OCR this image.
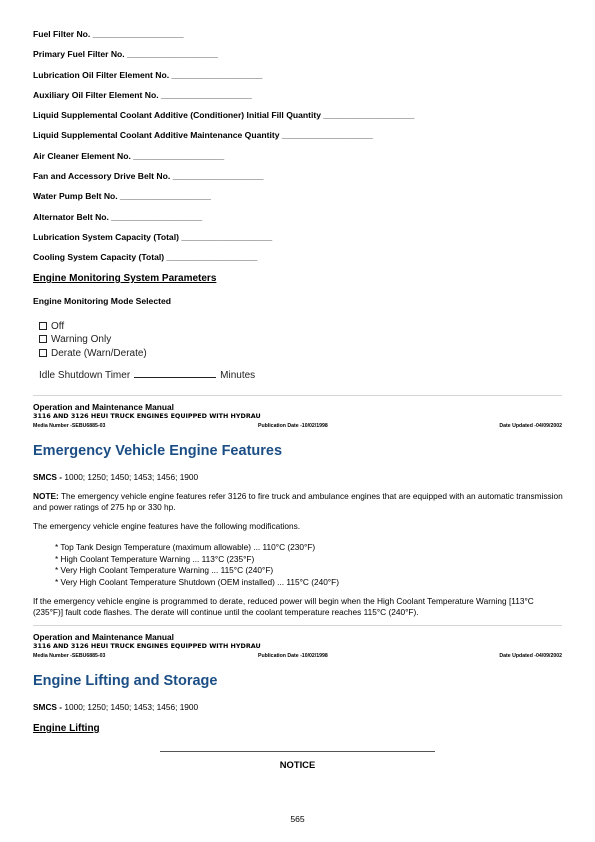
Fuel Filter No. ___________________
Primary Fuel Filter No. ___________________
Lubrication Oil Filter Element No. ___________________
Auxiliary Oil Filter Element No. ___________________
Liquid Supplemental Coolant Additive (Conditioner) Initial Fill Quantity ___________________
Liquid Supplemental Coolant Additive Maintenance Quantity ___________________
Air Cleaner Element No. ___________________
Fan and Accessory Drive Belt No. ___________________
Water Pump Belt No. ___________________
Alternator Belt No. ___________________
Lubrication System Capacity (Total) ___________________
Cooling System Capacity (Total) ___________________
Engine Monitoring System Parameters
Engine Monitoring Mode Selected
Off
Warning Only
Derate (Warn/Derate)
Idle Shutdown Timer	Minutes
Operation and Maintenance Manual
3116 AND 3126 HEUI TRUCK ENGINES EQUIPPED WITH HYDRAU
Media Number -SEBU6885-03	Publication Date -10/02/1998	Date Updated -04/09/2002
Emergency Vehicle Engine Features
SMCS - 1000; 1250; 1450; 1453; 1456; 1900
NOTE: The emergency vehicle engine features refer 3126 to fire truck and ambulance engines that are equipped with an automatic transmission and power ratings of 275 hp or 330 hp.
The emergency vehicle engine features have the following modifications.
* Top Tank Design Temperature (maximum allowable) ... 110°C (230°F)
* High Coolant Temperature Warning ... 113°C (235°F)
* Very High Coolant Temperature Warning ... 115°C (240°F)
* Very High Coolant Temperature Shutdown (OEM installed) ... 115°C (240°F)
If the emergency vehicle engine is programmed to derate, reduced power will begin when the High Coolant Temperature Warning [113°C (235°F)] fault code flashes. The derate will continue until the coolant temperature reaches 115°C (240°F).
Operation and Maintenance Manual
3116 AND 3126 HEUI TRUCK ENGINES EQUIPPED WITH HYDRAU
Media Number -SEBU6885-03	Publication Date -10/02/1998	Date Updated -04/09/2002
Engine Lifting and Storage
SMCS - 1000; 1250; 1450; 1453; 1456; 1900
Engine Lifting
NOTICE
565
